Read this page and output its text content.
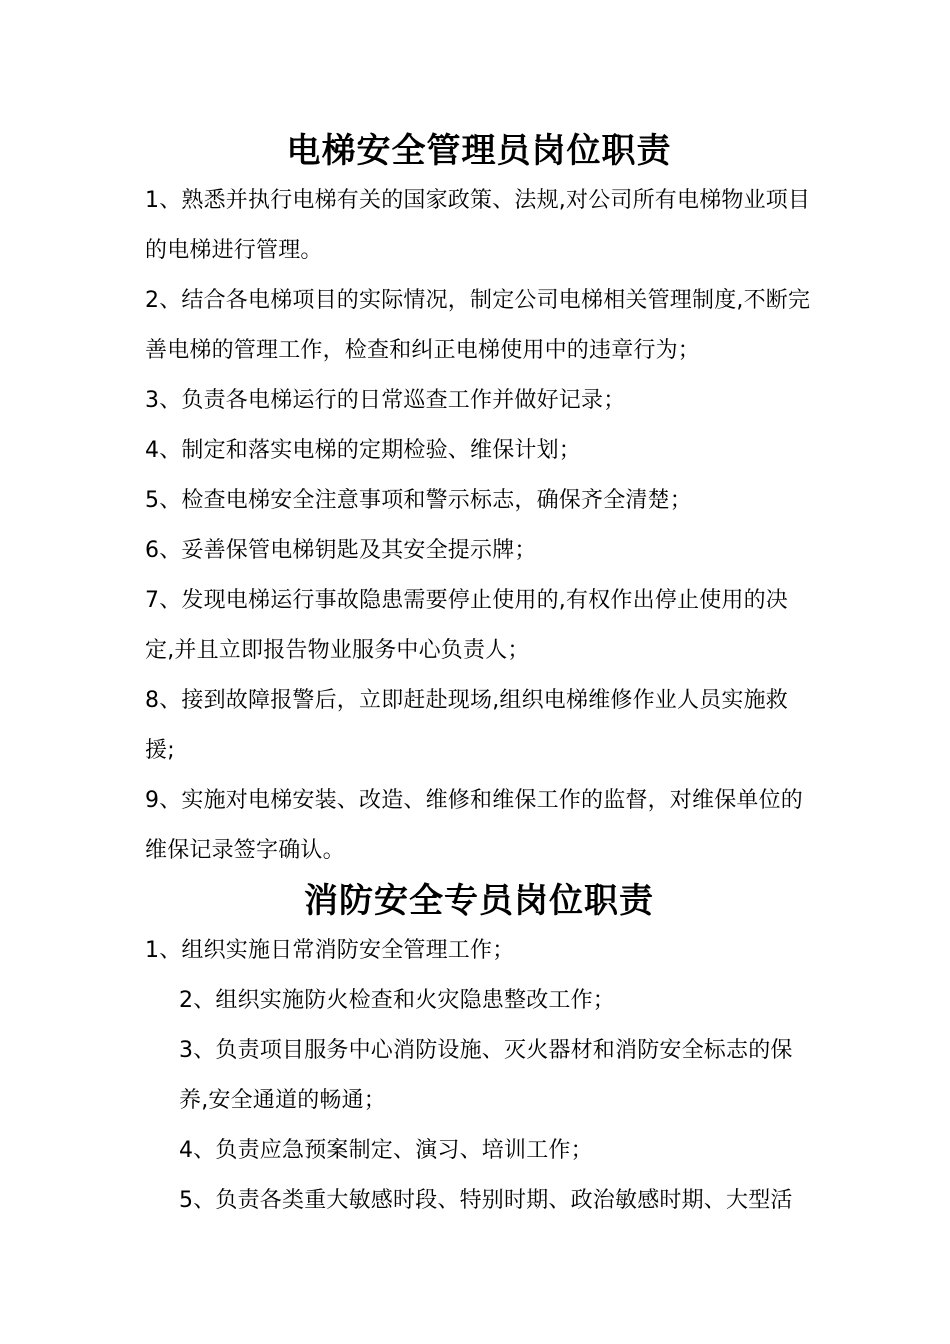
电梯安全管理员岗位职责
1、熟悉并执行电梯有关的国家政策、法规,对公司所有电梯物业项目的电梯进行管理。
2、结合各电梯项目的实际情况，制定公司电梯相关管理制度,不断完善电梯的管理工作，检查和纠正电梯使用中的违章行为；
3、负责各电梯运行的日常巡查工作并做好记录；
4、制定和落实电梯的定期检验、维保计划；
5、检查电梯安全注意事项和警示标志，确保齐全清楚；
6、妥善保管电梯钥匙及其安全提示牌；
7、发现电梯运行事故隐患需要停止使用的,有权作出停止使用的决定,并且立即报告物业服务中心负责人；
8、接到故障报警后，立即赶赴现场,组织电梯维修作业人员实施救援;
9、实施对电梯安装、改造、维修和维保工作的监督，对维保单位的维保记录签字确认。
消防安全专员岗位职责
1、组织实施日常消防安全管理工作；
2、组织实施防火检查和火灾隐患整改工作；
3、负责项目服务中心消防设施、灭火器材和消防安全标志的保养,安全通道的畅通；
4、负责应急预案制定、演习、培训工作；
5、负责各类重大敏感时段、特别时期、政治敏感时期、大型活
